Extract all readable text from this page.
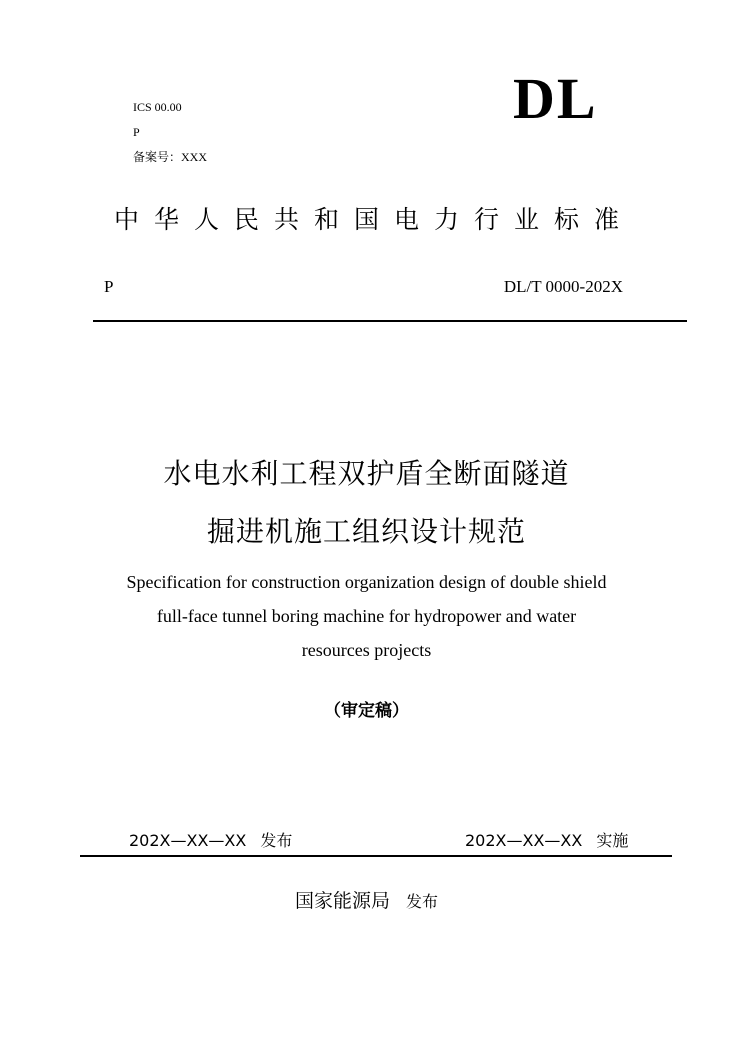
ICS 00.00
P
备案号：XXX
DL
中华人民共和国电力行业标准
P	DL/T 0000-202X
水电水利工程双护盾全断面隧道
掘进机施工组织设计规范
Specification for construction organization design of double shield
full-face tunnel boring machine for hydropower and water
resources projects
（审定稿）
202X—XX—XX 发布	202X—XX—XX 实施
国家能源局 发布
